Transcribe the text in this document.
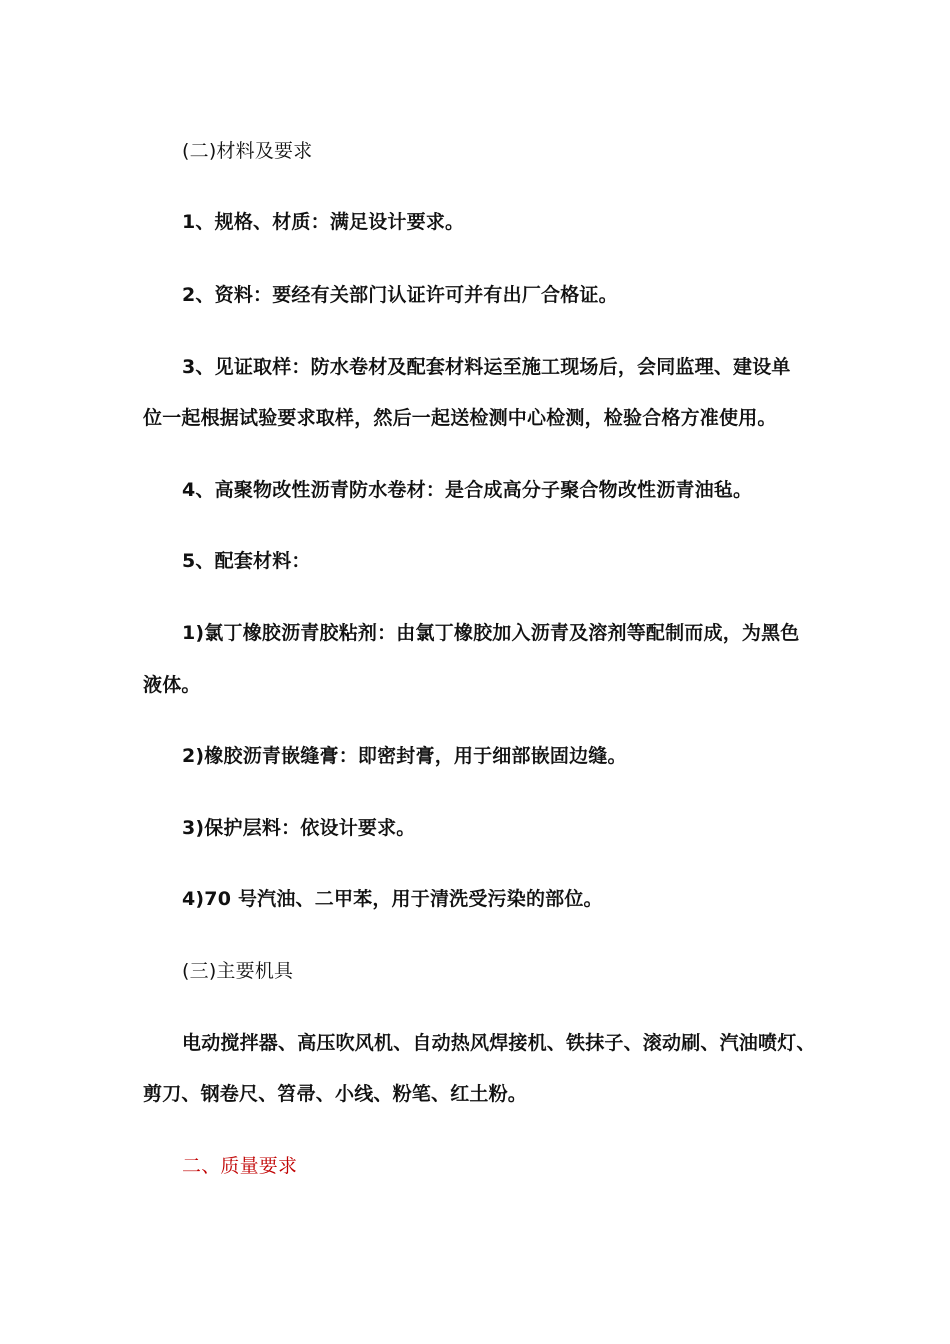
(二)材料及要求
1、规格、材质：满足设计要求。
2、资料：要经有关部门认证许可并有出厂合格证。
3、见证取样：防水卷材及配套材料运至施工现场后，会同监理、建设单
位一起根据试验要求取样，然后一起送检测中心检测，检验合格方准使用。
4、高聚物改性沥青防水卷材：是合成高分子聚合物改性沥青油毡。
5、配套材料：
1)氯丁橡胶沥青胶粘剂：由氯丁橡胶加入沥青及溶剂等配制而成，为黑色
液体。
2)橡胶沥青嵌缝膏：即密封膏，用于细部嵌固边缝。
3)保护层料：依设计要求。
4)70 号汽油、二甲苯，用于清洗受污染的部位。
(三)主要机具
电动搅拌器、高压吹风机、自动热风焊接机、铁抹子、滚动刷、汽油喷灯、
剪刀、钢卷尺、笤帚、小线、粉笔、红土粉。
二、质量要求
